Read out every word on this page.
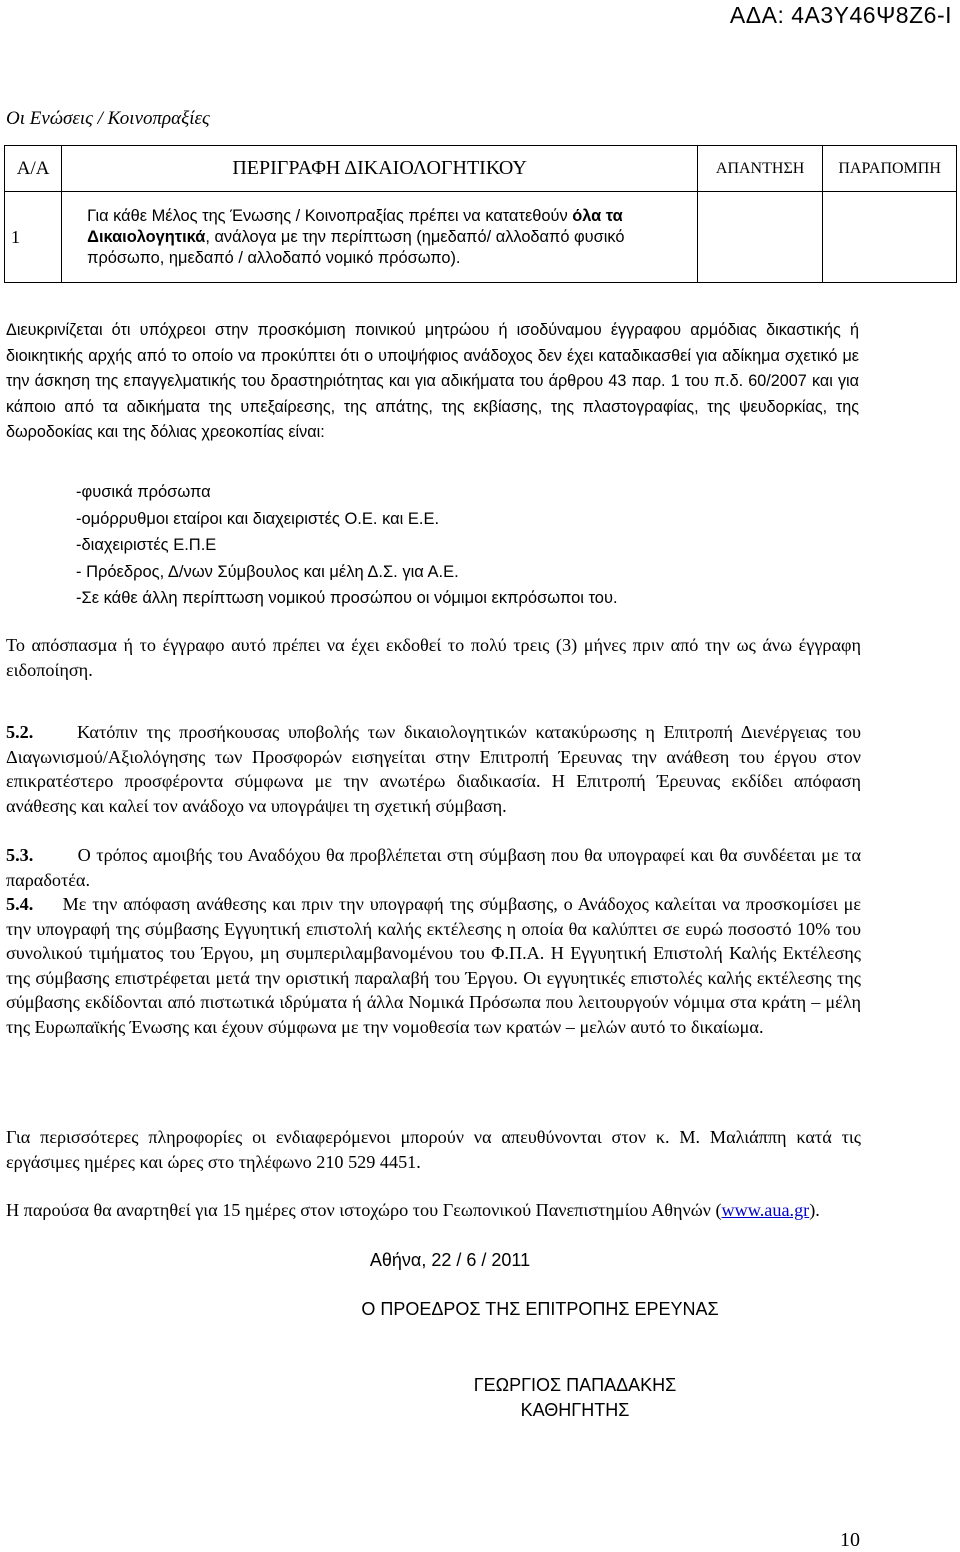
ΑΔΑ: 4Α3Υ46Ψ8Ζ6-Ι
Οι Ενώσεις / Κοινοπραξίες
Α/Α	ΠΕΡΙΓΡΑΦΗ ΔΙΚΑΙΟΛΟΓΗΤΙΚΟΥ	ΑΠΑΝΤΗΣΗ	ΠΑΡΑΠΟΜΠΗ
1	Για κάθε Μέλος της Ένωσης / Κοινοπραξίας πρέπει να κατατεθούν όλα τα Δικαιολογητικά, ανάλογα με την περίπτωση (ημεδαπό/ αλλοδαπό φυσικό πρόσωπο, ημεδαπό / αλλοδαπό νομικό πρόσωπο).		
Διευκρινίζεται ότι υπόχρεοι στην προσκόμιση ποινικού μητρώου ή ισοδύναμου έγγραφου αρμόδιας δικαστικής ή διοικητικής αρχής από το οποίο να προκύπτει ότι ο υποψήφιος ανάδοχος δεν έχει καταδικασθεί για αδίκημα σχετικό με την άσκηση της επαγγελματικής του δραστηριότητας και για αδικήματα του άρθρου 43 παρ. 1 του π.δ. 60/2007 και για κάποιο από τα αδικήματα της υπεξαίρεσης, της απάτης, της εκβίασης, της πλαστογραφίας, της ψευδορκίας, της δωροδοκίας και της δόλιας χρεοκοπίας είναι:
-φυσικά πρόσωπα
-ομόρρυθμοι εταίροι και διαχειριστές Ο.Ε. και Ε.Ε.
-διαχειριστές Ε.Π.Ε
- Πρόεδρος, Δ/νων Σύμβουλος και μέλη Δ.Σ. για Α.Ε.
-Σε κάθε άλλη περίπτωση νομικού προσώπου οι νόμιμοι εκπρόσωποι του.
Το απόσπασμα ή το έγγραφο αυτό πρέπει να έχει εκδοθεί το πολύ τρεις (3) μήνες πριν από την ως άνω έγγραφη ειδοποίηση.
5.2. Κατόπιν της προσήκουσας υποβολής των δικαιολογητικών κατακύρωσης η Επιτροπή Διενέργειας του Διαγωνισμού/Αξιολόγησης των Προσφορών εισηγείται στην Επιτροπή Έρευνας την ανάθεση του έργου στον επικρατέστερο προσφέροντα σύμφωνα με την ανωτέρω διαδικασία. Η Επιτροπή Έρευνας εκδίδει απόφαση ανάθεσης και καλεί τον ανάδοχο να υπογράψει τη σχετική σύμβαση.
5.3. Ο τρόπος αμοιβής του Αναδόχου θα προβλέπεται στη σύμβαση που θα υπογραφεί και θα συνδέεται με τα παραδοτέα.
5.4. Με την απόφαση ανάθεσης και πριν την υπογραφή της σύμβασης, ο Ανάδοχος καλείται να προσκομίσει με την υπογραφή της σύμβασης Εγγυητική επιστολή καλής εκτέλεσης η οποία θα καλύπτει σε ευρώ ποσοστό 10% του συνολικού τιμήματος του Έργου, μη συμπεριλαμβανομένου του Φ.Π.Α. Η Εγγυητική Επιστολή Καλής Εκτέλεσης της σύμβασης επιστρέφεται μετά την οριστική παραλαβή του Έργου. Οι εγγυητικές επιστολές καλής εκτέλεσης της σύμβασης εκδίδονται από πιστωτικά ιδρύματα ή άλλα Νομικά Πρόσωπα που λειτουργούν νόμιμα στα κράτη – μέλη της Ευρωπαϊκής Ένωσης και έχουν σύμφωνα με την νομοθεσία των κρατών – μελών αυτό το δικαίωμα.
Για περισσότερες πληροφορίες οι ενδιαφερόμενοι μπορούν να απευθύνονται στον κ. Μ. Μαλιάππη κατά τις εργάσιμες ημέρες και ώρες στο τηλέφωνο 210 529 4451.
Η παρούσα θα αναρτηθεί για 15 ημέρες στον ιστοχώρο του Γεωπονικού Πανεπιστημίου Αθηνών (www.aua.gr).
Αθήνα, 22 / 6 / 2011
Ο ΠΡΟΕΔΡΟΣ ΤΗΣ ΕΠΙΤΡΟΠΗΣ ΕΡΕΥΝΑΣ
ΓΕΩΡΓΙΟΣ ΠΑΠΑΔΑΚΗΣ
ΚΑΘΗΓΗΤΗΣ
10
